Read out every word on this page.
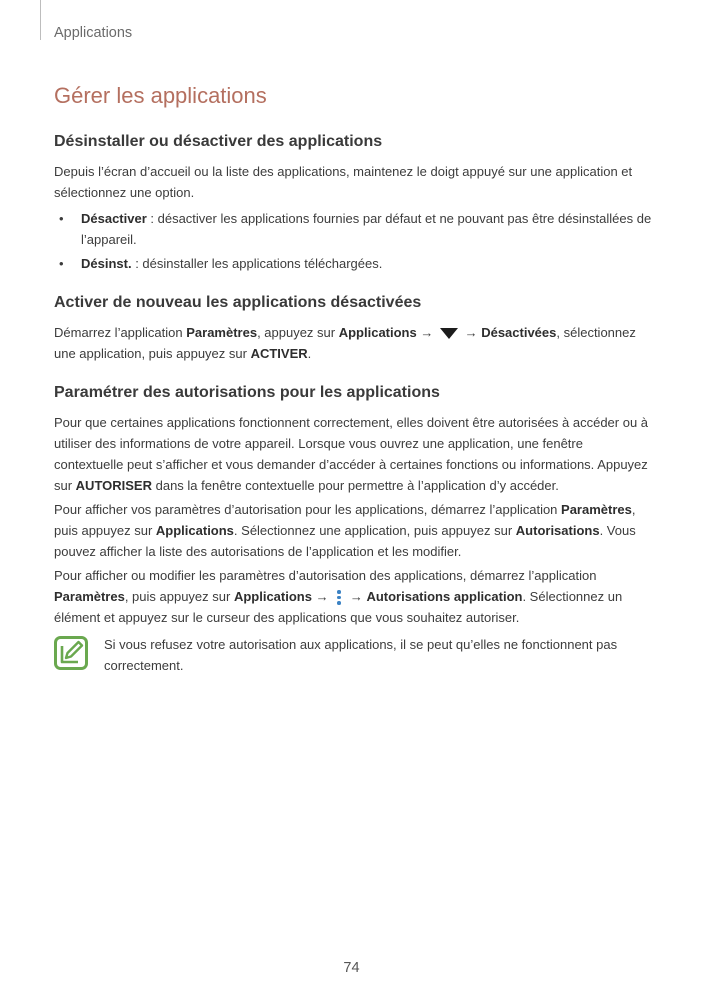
Applications
Gérer les applications
Désinstaller ou désactiver des applications

Depuis l’écran d’accueil ou la liste des applications, maintenez le doigt appuyé sur une application et sélectionnez une option.

• Désactiver : désactiver les applications fournies par défaut et ne pouvant pas être désinstallées de l’appareil.

• Désinst. : désinstaller les applications téléchargées.

Activer de nouveau les applications désactivées

Démarrez l’application Paramètres, appuyez sur Applications →  → Désactivées, sélectionnez une application, puis appuyez sur ACTIVER.

Paramétrer des autorisations pour les applications

Pour que certaines applications fonctionnent correctement, elles doivent être autorisées à accéder ou à utiliser des informations de votre appareil. Lorsque vous ouvrez une application, une fenêtre contextuelle peut s’afficher et vous demander d’accéder à certaines fonctions ou informations. Appuyez sur AUTORISER dans la fenêtre contextuelle pour permettre à l’application d’y accéder.

Pour afficher vos paramètres d’autorisation pour les applications, démarrez l’application Paramètres, puis appuyez sur Applications. Sélectionnez une application, puis appuyez sur Autorisations. Vous pouvez afficher la liste des autorisations de l’application et les modifier.

Pour afficher ou modifier les paramètres d’autorisation des applications, démarrez l’application Paramètres, puis appuyez sur Applications →
→ Autorisations application. Sélectionnez un élément et appuyez sur le curseur des applications que vous souhaitez autoriser.

Si vous refusez votre autorisation aux applications, il se peut qu’elles ne fonctionnent pas correctement.

74
